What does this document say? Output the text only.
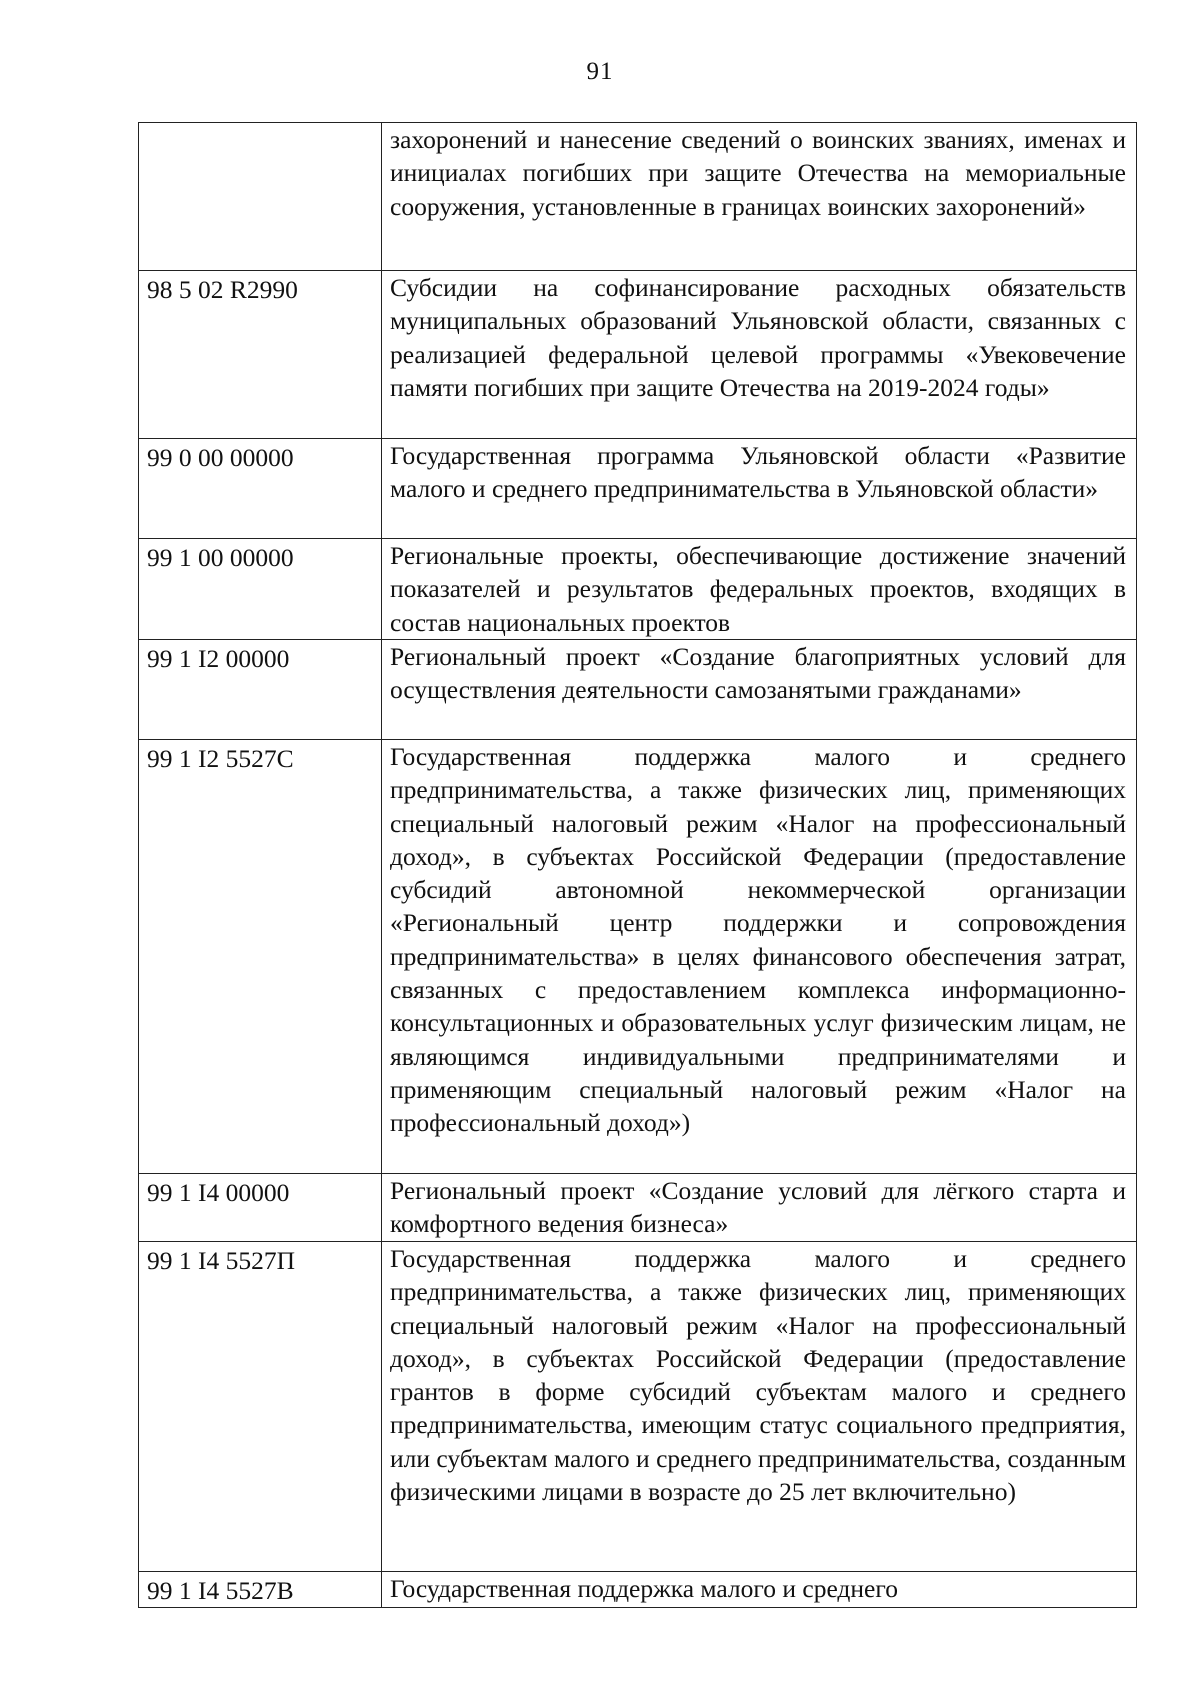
91
	захоронений и нанесение сведений о воинских званиях, именах и инициалах погибших при защите Отечества на мемориальные сооружения, установленные в границах воинских захоронений»
98 5 02 R2990	Субсидии на софинансирование расходных обязательств муниципальных образований Ульяновской области, связанных с реализацией федеральной целевой программы «Увековечение памяти погибших при защите Отечества на 2019-2024 годы»
99 0 00 00000	Государственная программа Ульяновской области «Развитие малого и среднего предпринимательства в Ульяновской области»
99 1 00 00000	Региональные проекты, обеспечивающие достижение значений показателей и результатов федеральных проектов, входящих в состав национальных проектов
99 1 I2 00000	Региональный проект «Создание благоприятных условий для осуществления деятельности самозанятыми гражданами»
99 1 I2 5527С	Государственная поддержка малого и среднего предпринимательства, а также физических лиц, применяющих специальный налоговый режим «Налог на профессиональный доход», в субъектах Российской Федерации (предоставление субсидий автономной некоммерческой организации «Региональный центр поддержки и сопровождения предпринимательства» в целях финансового обеспечения затрат, связанных с предоставлением комплекса информационно-консультационных и образовательных услуг физическим лицам, не являющимся индивидуальными предпринимателями и применяющим специальный налоговый режим «Налог на профессиональный доход»)
99 1 I4 00000	Региональный проект «Создание условий для лёгкого старта и комфортного ведения бизнеса»
99 1 I4 5527П	Государственная поддержка малого и среднего предпринимательства, а также физических лиц, применяющих специальный налоговый режим «Налог на профессиональный доход», в субъектах Российской Федерации (предоставление грантов в форме субсидий субъектам малого и среднего предпринимательства, имеющим статус социального предприятия, или субъектам малого и среднего предпринимательства, созданным физическими лицами в возрасте до 25 лет включительно)
99 1 I4 5527В	Государственная поддержка малого и среднего
